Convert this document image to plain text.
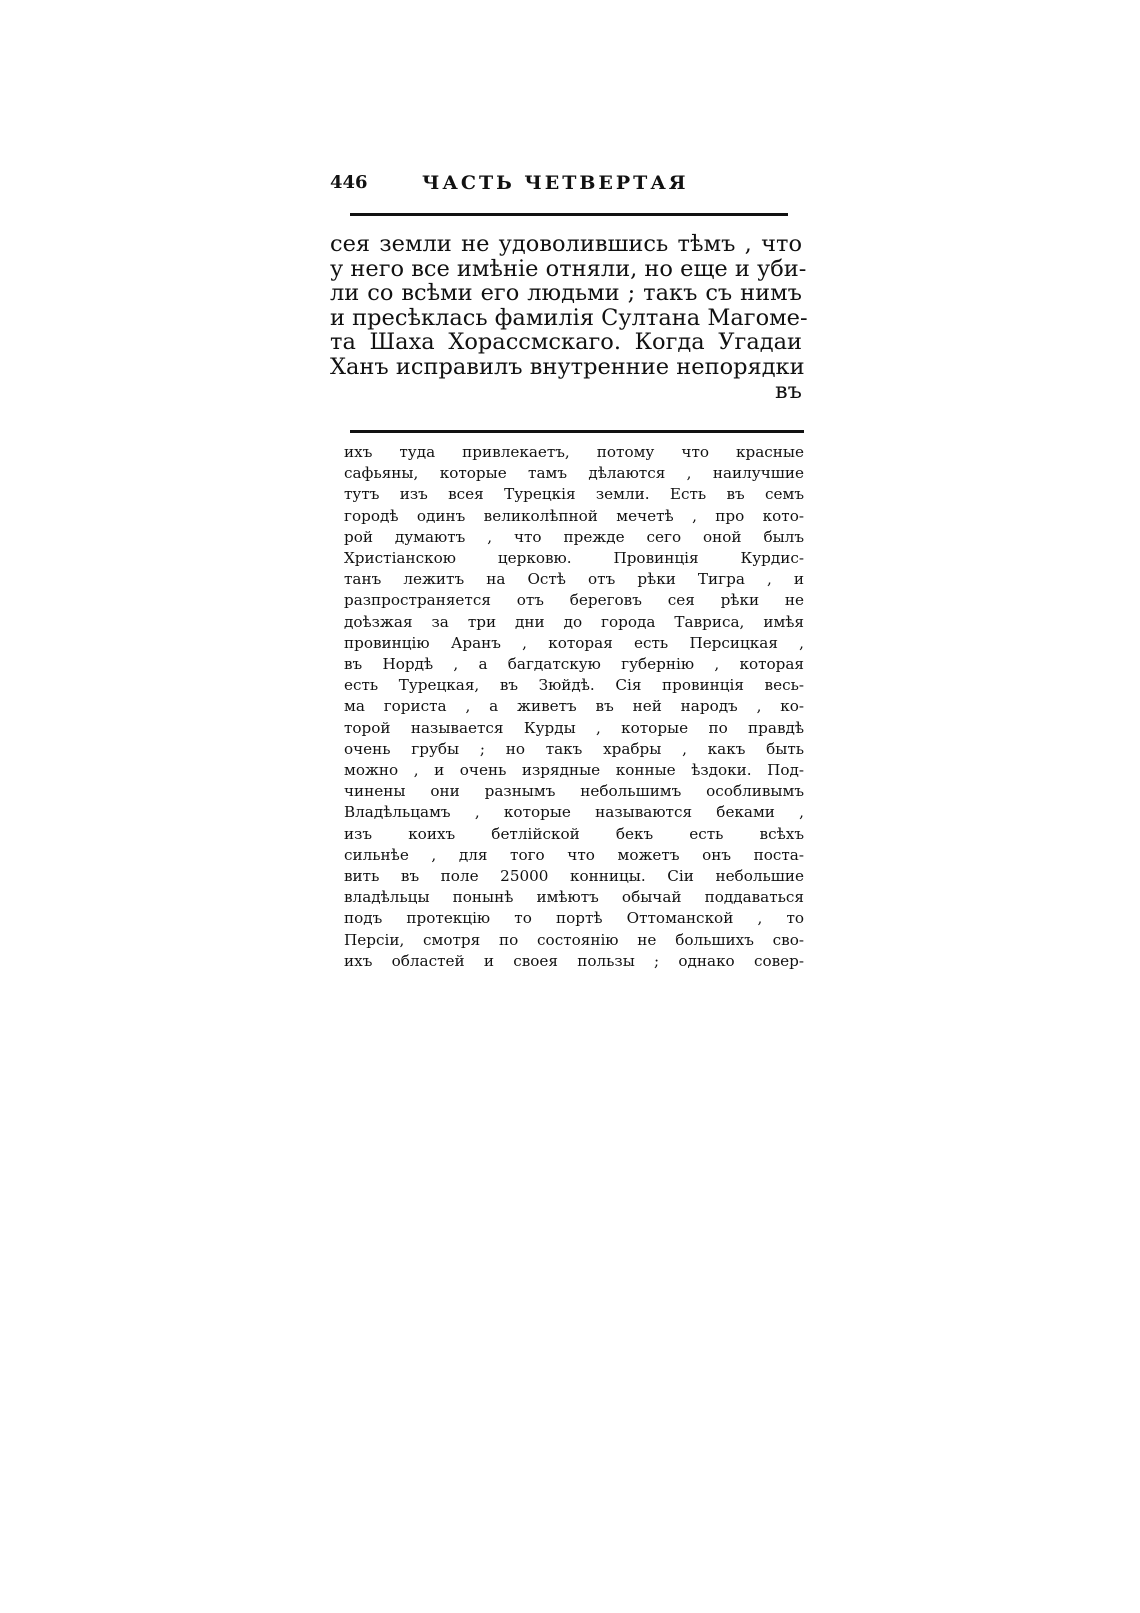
446	ЧАСТЬ ЧЕТВЕРТАЯ
сея земли не удоволившись тѣмъ , что
у него все имѣнiе отняли, но еще и уби-
ли со всѣми его людьми ; такъ съ нимъ
и пресѣклась фамилiя Султана Магоме-
та Шаха Хорассмскаго. Когда Угадаи
Ханъ исправилъ внутренние непорядки
въ
ихъ туда привлекаетъ, потому что красные
сафьяны, которые тамъ дѣлаются , наилучшие
тутъ изъ всея Турецкiя земли. Есть въ семъ
городѣ одинъ великолѣпной мечетѣ , про кото-
рой думаютъ , что прежде сего оной былъ
Христiанскою церковю. Провинцiя Курдис-
танъ лежитъ на Остѣ отъ рѣки Тигра , и
разпространяется отъ береговъ сея рѣки не
доѣзжая за три дни до города Тавриса, имѣя
провинцiю Аранъ , которая есть Персицкая ,
въ Нордѣ , а багдатскую губернiю , которая
есть Турецкая, въ Зюйдѣ. Сiя провинцiя весь-
ма гориста , а живетъ въ ней народъ , ко-
торой называется Курды , которые по правдѣ
очень грубы ; но такъ храбры , какъ быть
можно , и очень изрядные конные ѣздоки. Под-
чинены они разнымъ небольшимъ особливымъ
Владѣльцамъ , которые называются беками ,
изъ коихъ бетлiйской бекъ есть всѣхъ
сильнѣе , для того что можетъ онъ поста-
вить въ поле 25000 конницы. Сiи небольшие
владѣльцы понынѣ имѣютъ обычай поддаваться
подъ протекцiю то портѣ Оттоманской , то
Персiи, смотря по состоянiю не большихъ сво-
ихъ областей и своея пользы ; однако совер-
